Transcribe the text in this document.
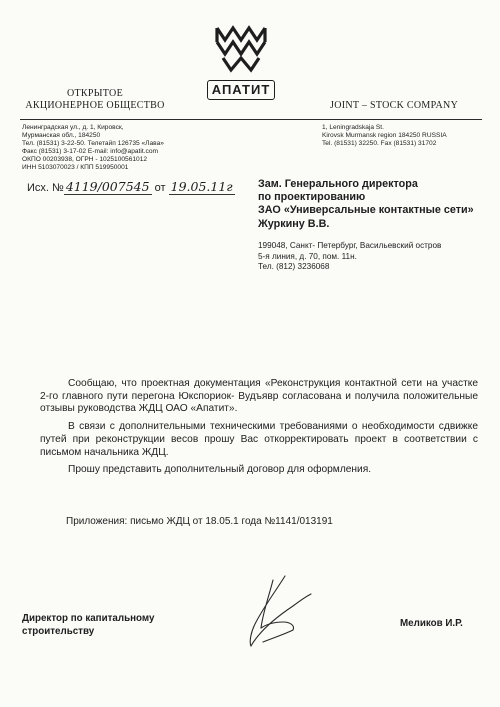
ОТКРЫТОЕ
АКЦИОНЕРНОЕ ОБЩЕСТВО
АПАТИТ
JOINT – STOCK COMPANY
Ленинградская ул., д. 1, Кировск,
Мурманская обл., 184250
Тел. (81531) 3-22-50. Телетайп 126735 «Лава»
Факс (81531) 3-17-02 E-mail: info@apatit.com
ОКПО 00203938, ОГРН - 1025100561012
ИНН 5103070023 / КПП 519950001
1, Leningradskaja St.
Kirovsk Murmansk region 184250 RUSSIA
Tel. (81531) 32250. Fax (81531) 31702
Исх. № 4119/007545 от 19.05.11г Зам. Генерального директора
по проектированию
ЗАО «Универсальные контактные сети»
Журкину В.В.
199048, Санкт- Петербург, Васильевский остров
5-я линия, д. 70, пом. 11н.
Тел. (812) 3236068

Сообщаю, что проектная документация «Реконструкция контактной сети на участке 2-го главного пути перегона Юкспориок- Вудъявр согласована и получила положительные отзывы руководства ЖДЦ ОАО «Апатит».

В связи с дополнительными техническими требованиями о необходимости сдвижке путей при реконструкции весов прошу Вас откорректировать проект в соответствии с письмом начальника ЖДЦ.

Прошу представить дополнительный договор для оформления.

Приложения: письмо ЖДЦ от 18.05.1 года №1141/013191
Директор по капитальному
строительству
Меликов И.Р.
